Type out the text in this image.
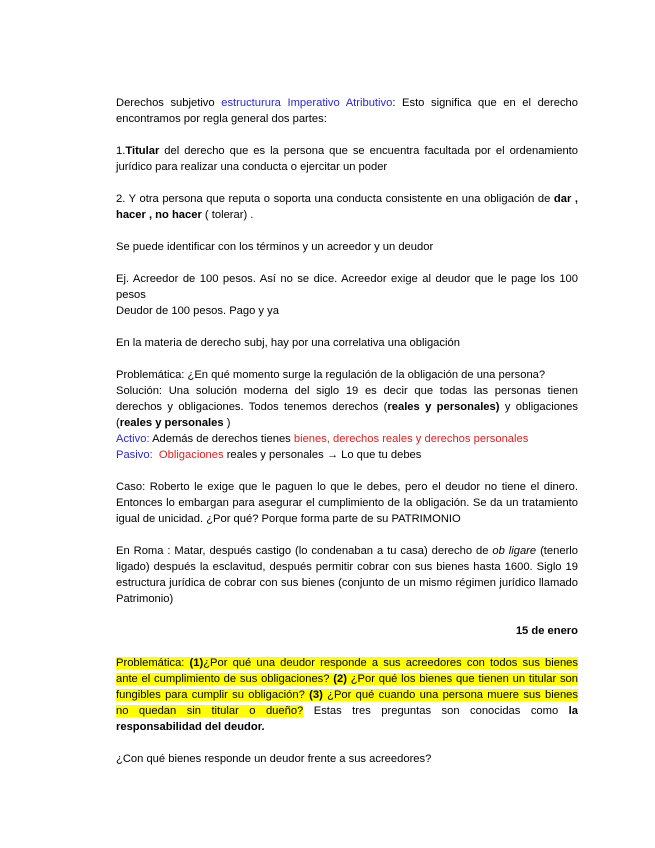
Derechos subjetivo estructurura Imperativo Atributivo: Esto significa que en el derecho encontramos por regla general dos partes:

1.Titular del derecho que es la persona que se encuentra facultada por el ordenamiento jurídico para realizar una conducta o ejercitar un poder

2. Y otra persona que reputa o soporta una conducta consistente en una obligación de dar , hacer , no hacer ( tolerar) .

Se puede identificar con los términos y un acreedor y un deudor

Ej. Acreedor de 100 pesos. Así no se dice. Acreedor exige al deudor que le page los 100 pesos
Deudor de 100 pesos. Pago y ya

En la materia de derecho subj, hay por una correlativa una obligación

Problemática: ¿En qué momento surge la regulación de la obligación de una persona?
Solución: Una solución moderna del siglo 19 es decir que todas las personas tienen derechos y obligaciones. Todos tenemos derechos (reales y personales) y obligaciones (reales y personales )
Activo: Además de derechos tienes bienes, derechos reales y derechos personales
Pasivo: Obligaciones reales y personales → Lo que tu debes

Caso: Roberto le exige que le paguen lo que le debes, pero el deudor no tiene el dinero. Entonces lo embargan para asegurar el cumplimiento de la obligación. Se da un tratamiento igual de unicidad. ¿Por qué? Porque forma parte de su PATRIMONIO

En Roma : Matar, después castigo (lo condenaban a tu casa) derecho de ob ligare (tenerlo ligado) después la esclavitud, después permitir cobrar con sus bienes hasta 1600. Siglo 19 estructura jurídica de cobrar con sus bienes (conjunto de un mismo régimen jurídico llamado Patrimonio)

15 de enero

Problemática: (1)¿Por qué una deudor responde a sus acreedores con todos sus bienes ante el cumplimiento de sus obligaciones? (2) ¿Por qué los bienes que tienen un titular son fungibles para cumplir su obligación? (3) ¿Por qué cuando una persona muere sus bienes no quedan sin titular o dueño? Estas tres preguntas son conocidas como la responsabilidad del deudor.

¿Con qué bienes responde un deudor frente a sus acreedores?
